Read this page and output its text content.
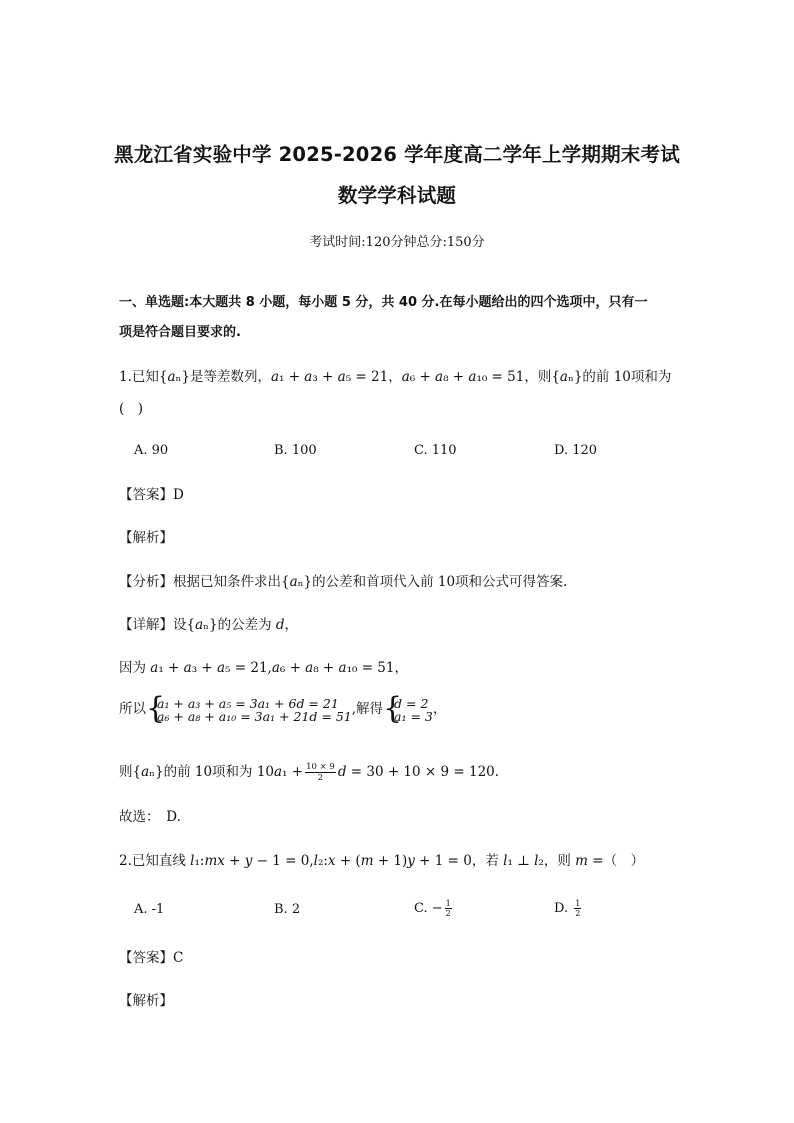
黑龙江省实验中学 2025-2026 学年度高二学年上学期期末考试
数学学科试题
考试时间:120分钟总分:150分
一、单选题:本大题共 8 小题，每小题 5 分，共 40 分.在每小题给出的四个选项中，只有一
项是符合题目要求的.
1.已知{𝑎ₙ}是等差数列，𝑎₁ + 𝑎₃ + 𝑎₅ = 21，𝑎₆ + 𝑎₈ + 𝑎₁₀ = 51，则{𝑎ₙ}的前 10项和为
(　)
A. 90	B. 100	C. 110	D. 120
【答案】D
【解析】
【分析】根据已知条件求出{𝑎ₙ}的公差和首项代入前 10项和公式可得答案.
【详解】设{𝑎ₙ}的公差为 𝑑，
因为 𝑎₁ + 𝑎₃ + 𝑎₅ = 21,𝑎₆ + 𝑎₈ + 𝑎₁₀ = 51，
所以 { 𝑎₁ + 𝑎₃ + 𝑎₅ = 3𝑎₁ + 6𝑑 = 21
𝑎₆ + 𝑎₈ + 𝑎₁₀ = 3𝑎₁ + 21𝑑 = 51 ,解得 { 𝑑 = 2
𝑎₁ = 3 ，
则{𝑎ₙ}的前 10项和为 10𝑎₁ + $\frac{10 \times 9}{2}$ 𝑑 = 30 + 10 × 9 = 120.
故选：　D.
2.已知直线 𝑙₁:𝑚𝑥 + 𝑦 − 1 = 0,𝑙₂:𝑥 + (𝑚 + 1)𝑦 + 1 = 0，若 𝑙₁ ⊥ 𝑙₂，则 𝑚 =（　）
A. -1	B. 2	C. − $\frac{1}{2}$	D. $\frac{1}{2}$
【答案】C
【解析】
